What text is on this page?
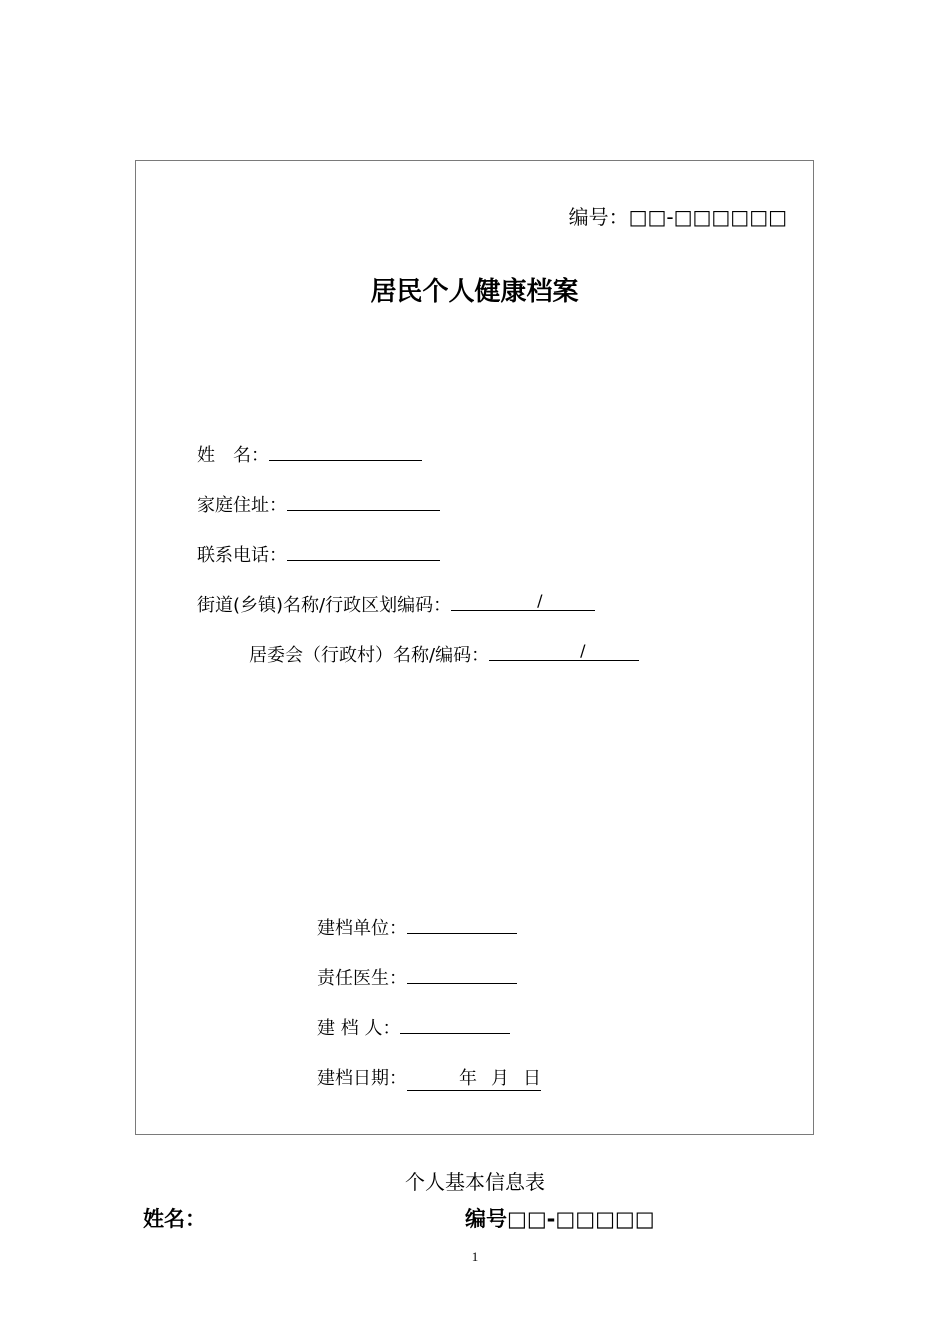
编号：□□-□□□□□□
居民个人健康档案
姓　名：
家庭住址：
联系电话：
街道(乡镇)名称/行政区划编码：	/
居委会（行政村）名称/编码：	/
建档单位：
责任医生：
建 档 人：
建档日期：	年 月 日
个人基本信息表
姓名：	编号□□-□□□□□
1
